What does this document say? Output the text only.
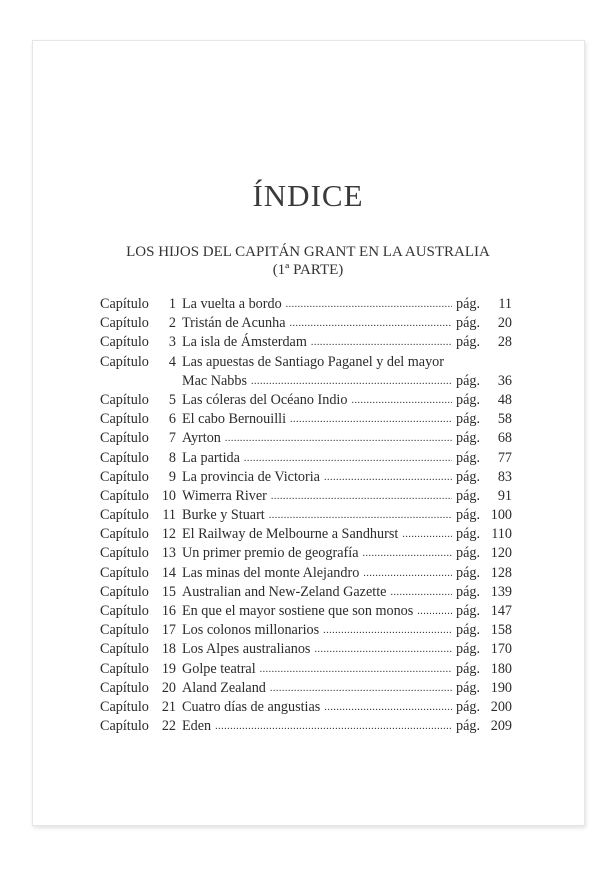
ÍNDICE
LOS HIJOS DEL CAPITÁN GRANT EN LA AUSTRALIA
(1ª PARTE)
Capítulo	1 La vuelta a bordo .....	pág. 11
Capítulo	2 Tristán de Acunha .....	pág. 20
Capítulo	3 La isla de Ámsterdam .....	pág. 28
Capítulo	4 Las apuestas de Santiago Paganel y del mayor
Mac Nabbs .....	pág. 36
Capítulo	5 Las cóleras del Océano Indio .....	pág. 48
Capítulo	6 El cabo Bernouilli .....	pág. 58
Capítulo	7 Ayrton .....	pág. 68
Capítulo	8 La partida .....	pág. 77
Capítulo	9 La provincia de Victoria .....	pág. 83
Capítulo 10 Wimerra River .....	pág. 91
Capítulo 11 Burke y Stuart .....	pág. 100
Capítulo 12 El Railway de Melbourne a Sandhurst .....	pág. 110
Capítulo 13 Un primer premio de geografía .....	pág. 120
Capítulo 14 Las minas del monte Alejandro .....	pág. 128
Capítulo 15 Australian and New-Zeland Gazette .....	pág. 139
Capítulo 16 En que el mayor sostiene que son monos .....	pág. 147
Capítulo 17 Los colonos millonarios .....	pág. 158
Capítulo 18 Los Alpes australianos .....	pág. 170
Capítulo 19 Golpe teatral .....	pág. 180
Capítulo 20 Aland Zealand .....	pág. 190
Capítulo 21 Cuatro días de angustias .....	pág. 200
Capítulo 22 Eden .....	pág. 209
